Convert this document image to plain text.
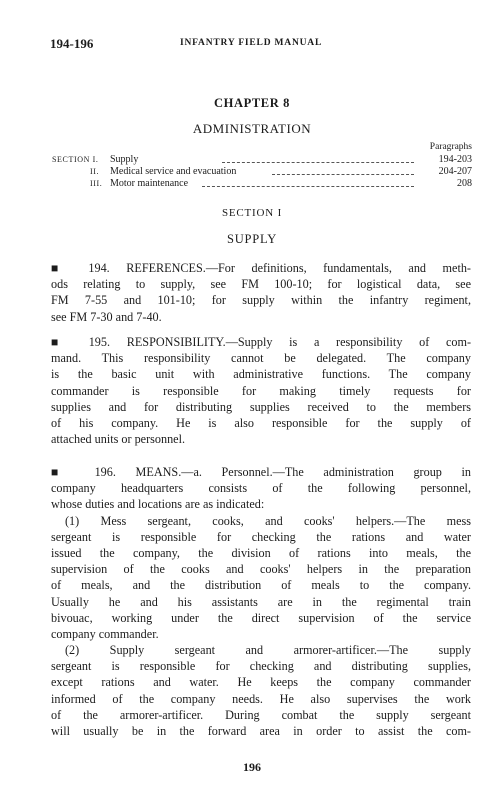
194-196	INFANTRY FIELD MANUAL
CHAPTER 8
ADMINISTRATION
Paragraphs
SECTION I. Supply	194-203
II. Medical service and evacuation	204-207
III. Motor maintenance	208
SECTION I
SUPPLY
■ 194. REFERENCES.—For definitions, fundamentals, and meth-
ods relating to supply, see FM 100-10; for logistical data, see
FM 7-55 and 101-10; for supply within the infantry regiment,
see FM 7-30 and 7-40.
■ 195. RESPONSIBILITY.—Supply is a responsibility of com-
mand. This responsibility cannot be delegated. The company
is the basic unit with administrative functions. The company
commander is responsible for making timely requests for
supplies and for distributing supplies received to the members
of his company. He is also responsible for the supply of
attached units or personnel.
■ 196. MEANS.—a. Personnel.—The administration group in
company headquarters consists of the following personnel,
whose duties and locations are as indicated:
(1) Mess sergeant, cooks, and cooks' helpers.—The mess
sergeant is responsible for checking the rations and water
issued the company, the division of rations into meals, the
supervision of the cooks and cooks' helpers in the preparation
of meals, and the distribution of meals to the company.
Usually he and his assistants are in the regimental train
bivouac, working under the direct supervision of the service
company commander.
(2) Supply sergeant and armorer-artificer.—The supply
sergeant is responsible for checking and distributing supplies,
except rations and water. He keeps the company commander
informed of the company needs. He also supervises the work
of the armorer-artificer. During combat the supply sergeant
will usually be in the forward area in order to assist the com-
196
